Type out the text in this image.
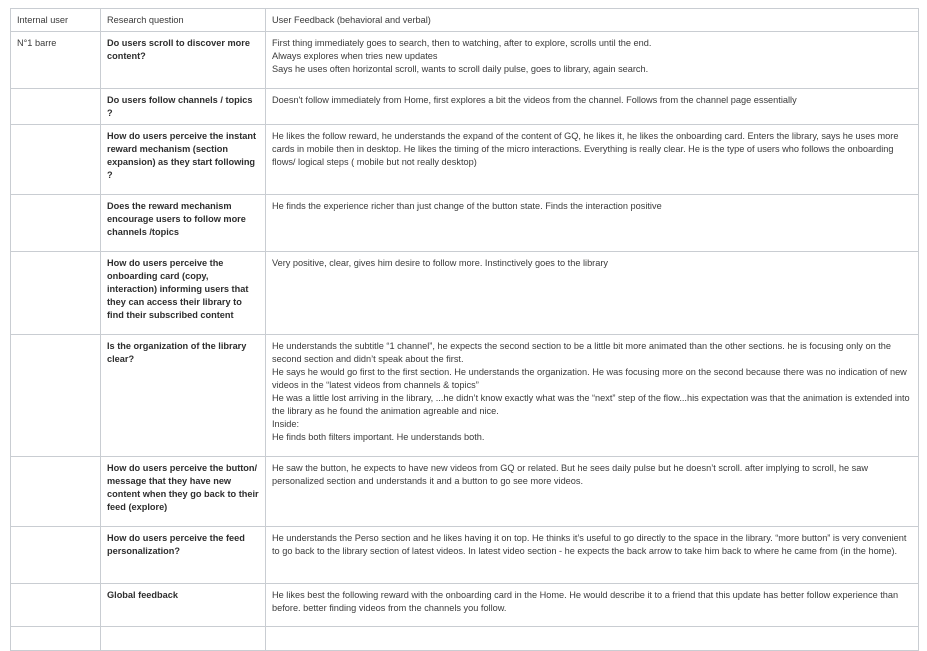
Internal user	Research question	User Feedback (behavioral and verbal)
N°1 barre	Do users scroll to discover more content?	First thing immediately goes to search, then to watching, after to explore, scrolls until the end.
Always explores when tries new updates
Says he uses often horizontal scroll, wants to scroll daily pulse, goes to library, again search.

	Do users follow channels / topics ?	Doesn't follow immediately from Home, first explores a bit the videos from the channel. Follows from the channel page essentially

	How do users perceive the instant reward mechanism (section expansion) as they start following ?	He likes the follow reward, he understands the expand of the content of GQ, he likes it, he likes the onboarding card. Enters the library, says he uses more cards in mobile then in desktop. He likes the timing of the micro interactions. Everything is really clear. He is the type of users who follows the onboarding flows/ logical steps ( mobile but not really desktop)

	Does the reward mechanism encourage users to follow more channels /topics	He finds the experience richer than just change of the button state. Finds the interaction positive

	How do users perceive the onboarding card (copy, interaction) informing users that they can access their library to find their subscribed content	Very positive, clear, gives him desire to follow more. Instinctively goes to the library

	Is the organization of the library clear?	He understands the subtitle “1 channel”, he expects the second section to be a little bit more animated than the other sections. he is focusing only on the second section and didn’t speak about the first.
He says he would go first to the first section. He understands the organization. He was focusing more on the second because there was no indication of new videos in the “latest videos from channels & topics”
He was a little lost arriving in the library, ...he didn’t know exactly what was the “next” step of the flow...his expectation was that the animation is extended into the library as he found the animation agreable and nice.
Inside:
He finds both filters important. He understands both.

	How do users perceive the button/ message that they have new content when they go back to their feed (explore)	He saw the button, he expects to have new videos from GQ or related. But he sees daily pulse but he doesn’t scroll. after implying to scroll, he saw personalized section and understands it and a button to go see more videos.

	How do users perceive the feed personalization?	He understands the Perso section and he likes having it on top. He thinks it’s useful to go directly to the space in the library. “more button” is very convenient to go back to the library section of latest videos. In latest video section - he expects the back arrow to take him back to where he came from (in the home).

	Global feedback	He likes best the following reward with the onboarding card in the Home. He would describe it to a friend that this update has better follow experience than before. better finding videos from the channels you follow.
